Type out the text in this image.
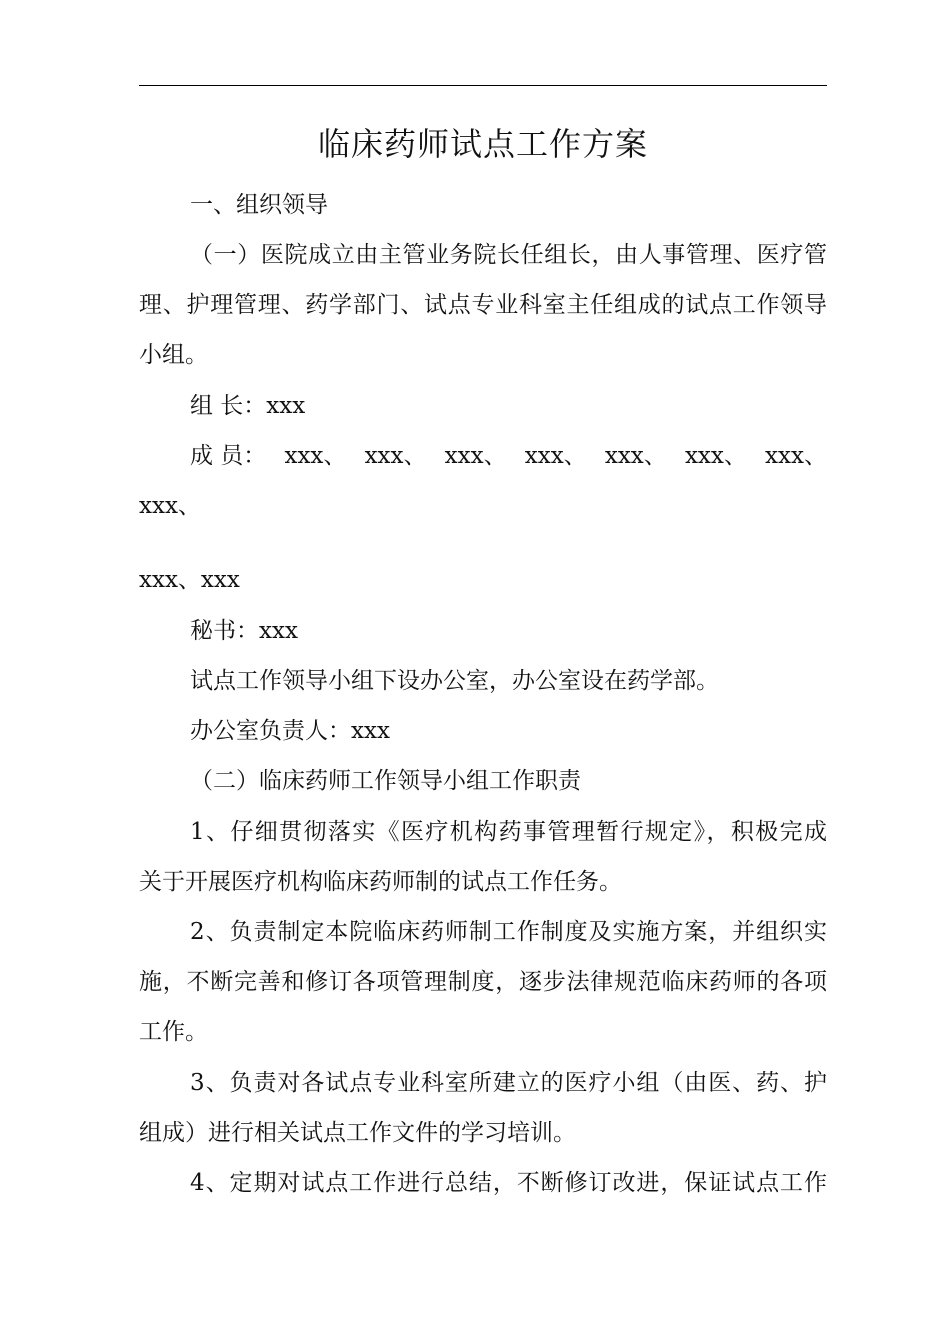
临床药师试点工作方案
一、组织领导
（一）医院成立由主管业务院长任组长，由人事管理、医疗管
理、护理管理、药学部门、试点专业科室主任组成的试点工作领导
小组。
组 长：xxx
成 员： xxx、 xxx、 xxx、 xxx、 xxx、 xxx、 xxx、
xxx、
xxx、xxx
秘书：xxx
试点工作领导小组下设办公室，办公室设在药学部。
办公室负责人：xxx
（二）临床药师工作领导小组工作职责
1、仔细贯彻落实《医疗机构药事管理暂行规定》，积极完成
关于开展医疗机构临床药师制的试点工作任务。
2、负责制定本院临床药师制工作制度及实施方案，并组织实
施，不断完善和修订各项管理制度，逐步法律规范临床药师的各项
工作。
3、负责对各试点专业科室所建立的医疗小组（由医、药、护
组成）进行相关试点工作文件的学习培训。
4、定期对试点工作进行总结，不断修订改进，保证试点工作
